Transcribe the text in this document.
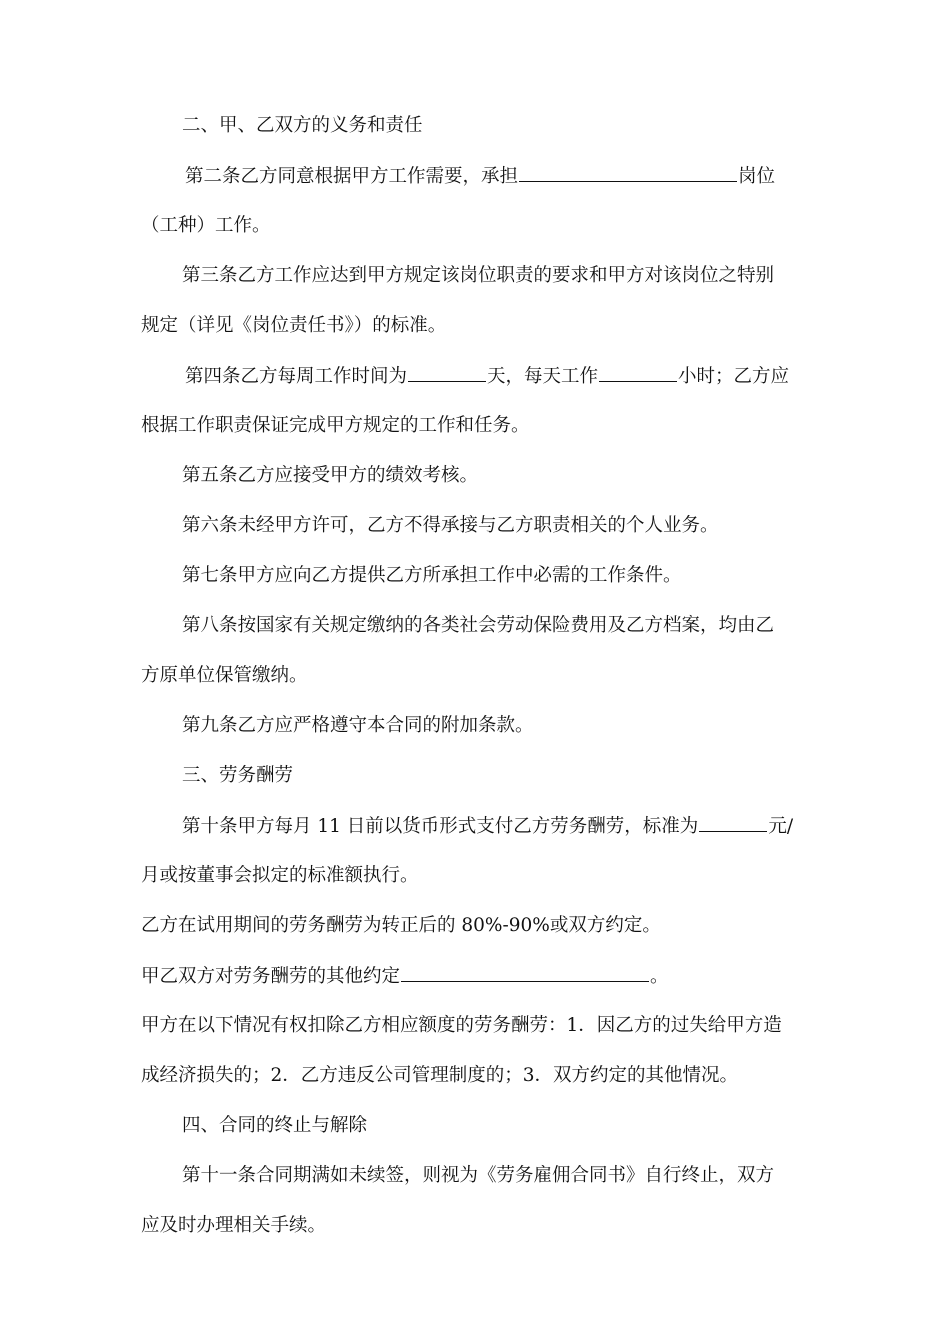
二、甲、乙双方的义务和责任
第二条乙方同意根据甲方工作需要，承担	岗位
（工种）工作。
第三条乙方工作应达到甲方规定该岗位职责的要求和甲方对该岗位之特别
规定（详见《岗位责任书》）的标准。
第四条乙方每周工作时间为	天，每天工作	小时；乙方应
根据工作职责保证完成甲方规定的工作和任务。
第五条乙方应接受甲方的绩效考核。
第六条未经甲方许可，乙方不得承接与乙方职责相关的个人业务。
第七条甲方应向乙方提供乙方所承担工作中必需的工作条件。
第八条按国家有关规定缴纳的各类社会劳动保险费用及乙方档案，均由乙
方原单位保管缴纳。
第九条乙方应严格遵守本合同的附加条款。
三、劳务酬劳
第十条甲方每月 11 日前以货币形式支付乙方劳务酬劳，标准为	元/
月或按董事会拟定的标准额执行。
乙方在试用期间的劳务酬劳为转正后的 80%-90%或双方约定。
甲乙双方对劳务酬劳的其他约定	。
甲方在以下情况有权扣除乙方相应额度的劳务酬劳：1．因乙方的过失给甲方造
成经济损失的；2．乙方违反公司管理制度的；3．双方约定的其他情况。
四、合同的终止与解除
第十一条合同期满如未续签，则视为《劳务雇佣合同书》自行终止，双方
应及时办理相关手续。
